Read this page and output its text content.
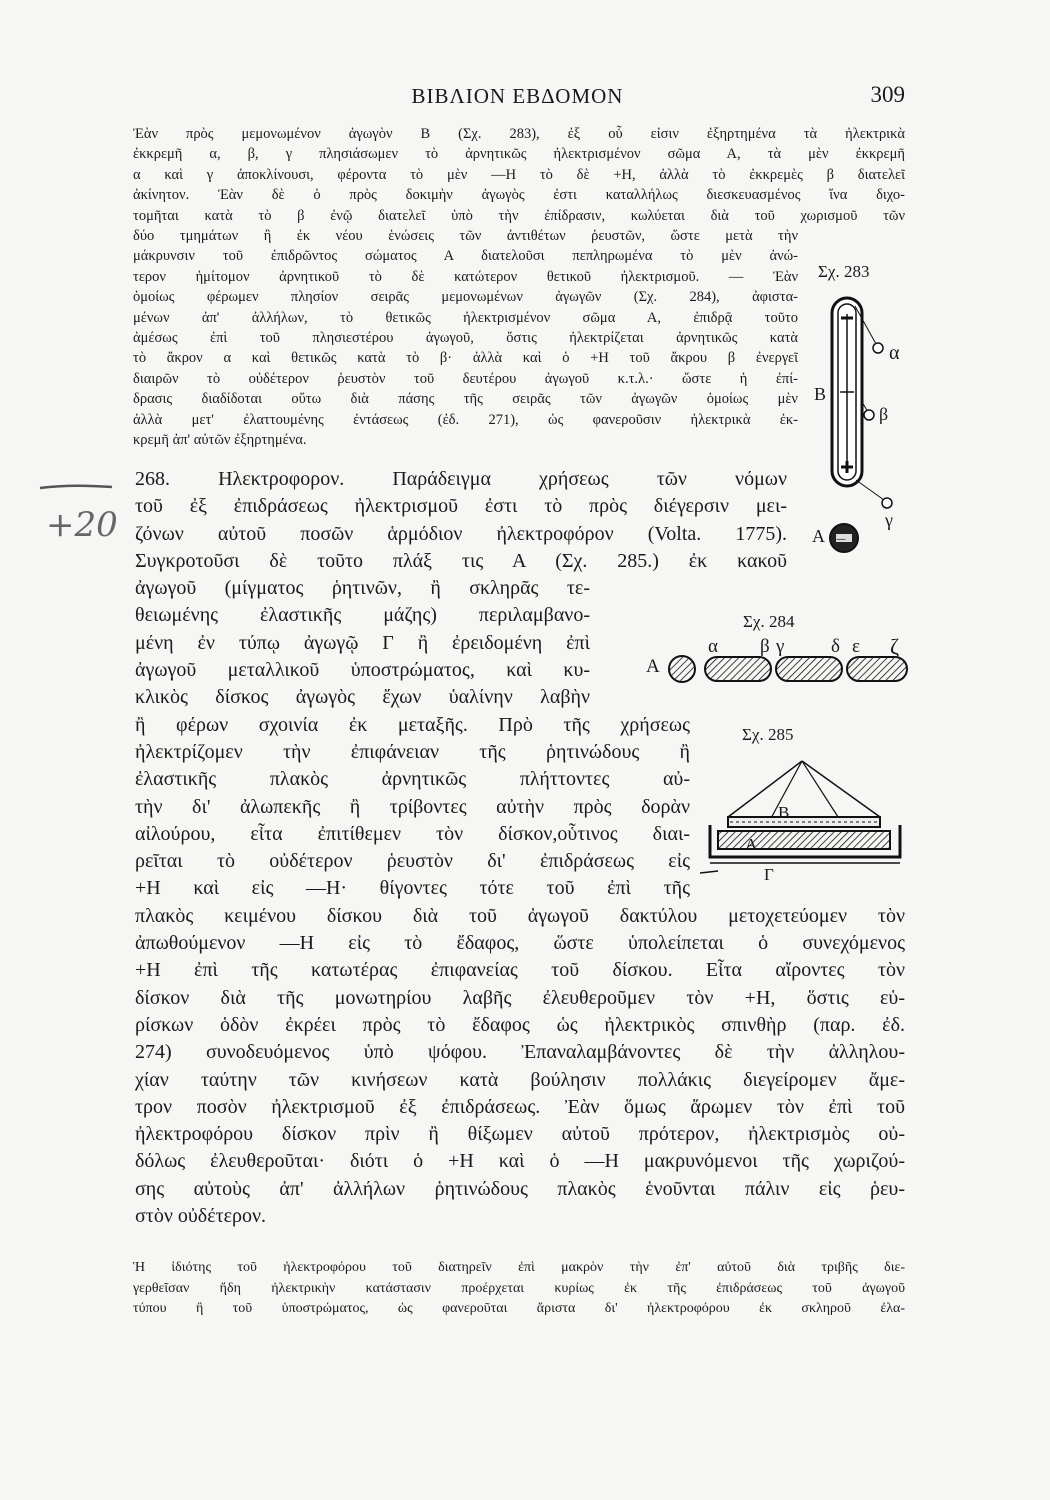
ΒΙΒΛΙΟΝ ΕΒΔΟΜΟΝ	309
Ἐὰν πρὸς μεμονωμένον ἀγωγὸν Β (Σχ. 283), ἐξ οὗ εἰσιν ἐξηρτημένα τὰ ἠλεκτρικὰ
ἐκκρεμῆ α, β, γ πλησιάσωμεν τὸ ἀρνητικῶς ἠλεκτρισμένον σῶμα Α, τὰ μὲν ἐκκρεμῆ
α καὶ γ ἀποκλίνουσι, φέροντα τὸ μὲν —Η τὸ δὲ +Η, ἀλλὰ τὸ ἐκκρεμὲς β διατελεῖ
ἀκίνητον. Ἐὰν δὲ ὁ πρὸς δοκιμὴν ἀγωγὸς ἐστι καταλλήλως διεσκευασμένος ἵνα διχο-
τομῆται κατὰ τὸ β ἐνῷ διατελεῖ ὑπὸ τὴν ἐπίδρασιν, κωλύεται διὰ τοῦ χωρισμοῦ τῶν
δύο τμημάτων ἢ ἐκ νέου ἑνώσεις τῶν ἀντιθέτων ῥευστῶν, ὥστε μετὰ τὴν
μάκρυνσιν τοῦ ἐπιδρῶντος σώματος Α διατελοῦσι πεπληρωμένα τὸ μὲν ἀνώ-
τερον ἡμίτομον ἀρνητικοῦ τὸ δὲ κατώτερον θετικοῦ ἠλεκτρισμοῦ. — Ἐὰν
ὁμοίως φέρωμεν πλησίον σειρᾶς μεμονωμένων ἀγωγῶν (Σχ. 284), ἀφιστα-
μένων ἀπ' ἀλλήλων, τὸ θετικῶς ἠλεκτρισμένον σῶμα Α, ἐπιδρᾷ τοῦτο
ἀμέσως ἐπὶ τοῦ πλησιεστέρου ἀγωγοῦ, ὅστις ἠλεκτρίζεται ἀρνητικῶς κατὰ
τὸ ἄκρον α καὶ θετικῶς κατὰ τὸ β· ἀλλὰ καὶ ὁ +Η τοῦ ἄκρου β ἐνεργεῖ
διαιρῶν τὸ οὐδέτερον ῥευστὸν τοῦ δευτέρου ἀγωγοῦ κ.τ.λ.· ὥστε ἡ ἐπί-
δρασις διαδίδοται οὕτω διὰ πάσης τῆς σειρᾶς τῶν ἀγωγῶν ὁμοίως μὲν
ἀλλὰ μετ' ἐλαττουμένης ἐντάσεως (ἐδ. 271), ὡς φανεροῦσιν ἠλεκτρικὰ ἐκ-
κρεμῆ ἀπ' αὐτῶν ἐξηρτημένα.
+20
268. Ηλεκτροφορον. Παράδειγμα χρήσεως τῶν νόμων
τοῦ ἐξ ἐπιδράσεως ἠλεκτρισμοῦ ἐστι τὸ πρὸς διέγερσιν μει-
ζόνων αὐτοῦ ποσῶν ἁρμόδιον ἠλεκτροφόρον (Volta. 1775).
Συγκροτοῦσι δὲ τοῦτο πλάξ τις Α (Σχ. 285.) ἐκ κακοῦ
ἀγωγοῦ (μίγματος ῥητινῶν, ἢ σκληρᾶς τε-
θειωμένης ἐλαστικῆς μάζης) περιλαμβανο-
μένη ἐν τύπῳ ἀγωγῷ Γ ἢ ἐρειδομένη ἐπὶ
ἀγωγοῦ μεταλλικοῦ ὑποστρώματος, καὶ κυ-
κλικὸς δίσκος ἀγωγὸς ἔχων ὑαλίνην λαβὴν
ἢ φέρων σχοινία ἐκ μεταξῆς. Πρὸ τῆς χρήσεως
ἠλεκτρίζομεν τὴν ἐπιφάνειαν τῆς ῥητινώδους ἢ
ἐλαστικῆς πλακὸς ἀρνητικῶς πλήττοντες αὐ-
τὴν δι' ἀλωπεκῆς ἢ τρίβοντες αὐτὴν πρὸς δορὰν
αἰλούρου, εἶτα ἐπιτίθεμεν τὸν δίσκον,οὗτινος διαι-
ρεῖται τὸ οὐδέτερον ῥευστὸν δι' ἐπιδράσεως εἰς
+Η καὶ εἰς —Η· θίγοντες τότε τοῦ ἐπὶ τῆς
πλακὸς κειμένου δίσκου διὰ τοῦ ἀγωγοῦ δακτύλου μετοχετεύομεν τὸν
ἀπωθούμενον —Η εἰς τὸ ἔδαφος, ὥστε ὑπολείπεται ὁ συνεχόμενος
+Η ἐπὶ τῆς κατωτέρας ἐπιφανείας τοῦ δίσκου. Εἶτα αἴροντες τὸν
δίσκον διὰ τῆς μονωτηρίου λαβῆς ἐλευθεροῦμεν τὸν +Η, ὅστις εὑ-
ρίσκων ὁδὸν ἐκρέει πρὸς τὸ ἔδαφος ὡς ἠλεκτρικὸς σπινθὴρ (παρ. ἐδ.
274) συνοδευόμενος ὑπὸ ψόφου. Ἐπαναλαμβάνοντες δὲ τὴν ἀλληλου-
χίαν ταύτην τῶν κινήσεων κατὰ βούλησιν πολλάκις διεγείρομεν ἄμε-
τρον ποσὸν ἠλεκτρισμοῦ ἐξ ἐπιδράσεως. Ἐὰν ὅμως ἄρωμεν τὸν ἐπὶ τοῦ
ἠλεκτροφόρου δίσκον πρὶν ἢ θίξωμεν αὐτοῦ πρότερον, ἠλεκτρισμὸς οὐ-
δόλως ἐλευθεροῦται· διότι ὁ +Η καὶ ὁ —Η μακρυνόμενοι τῆς χωριζού-
σης αὐτοὺς ἀπ' ἀλλήλων ῥητινώδους πλακὸς ἑνοῦνται πάλιν εἰς ῥευ-
στὸν οὐδέτερον.
Ἡ ἰδιότης τοῦ ἠλεκτροφόρου τοῦ διατηρεῖν ἐπὶ μακρὸν τὴν ἐπ' αὐτοῦ διὰ τριβῆς διε-
γερθεῖσαν ἤδη ἠλεκτρικὴν κατάστασιν προέρχεται κυρίως ἐκ τῆς ἐπιδράσεως τοῦ ἀγωγοῦ
τύπου ἢ τοῦ ὑποστρώματος, ὡς φανεροῦται ἄριστα δι' ἠλεκτροφόρου ἐκ σκληροῦ ἐλα-
Σχ. 283
—
α
Β
β
γ
Α
Σχ. 284
Α
α β γ δ ε ζ
Σχ. 285
Β
Α
Γ
